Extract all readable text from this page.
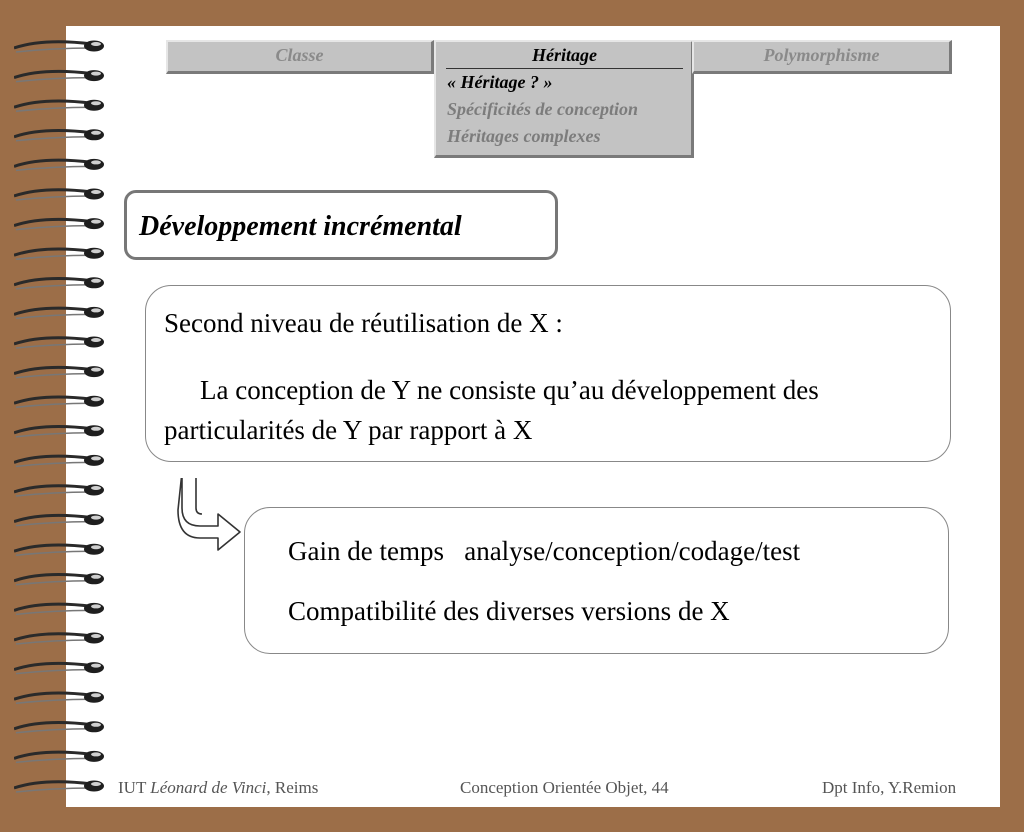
Classe	Héritage
« Héritage ? »
Spécificités de conception
Héritages complexes
Polymorphisme
Développement incrémental
Second niveau de réutilisation de X :
La conception de Y ne consiste qu’au développement des particularités de Y par rapport à X
Gain de temps analyse/conception/codage/test
Compatibilité des diverses versions de X
IUT Léonard de Vinci, Reims	Conception Orientée Objet, 44	Dpt Info, Y.Remion
